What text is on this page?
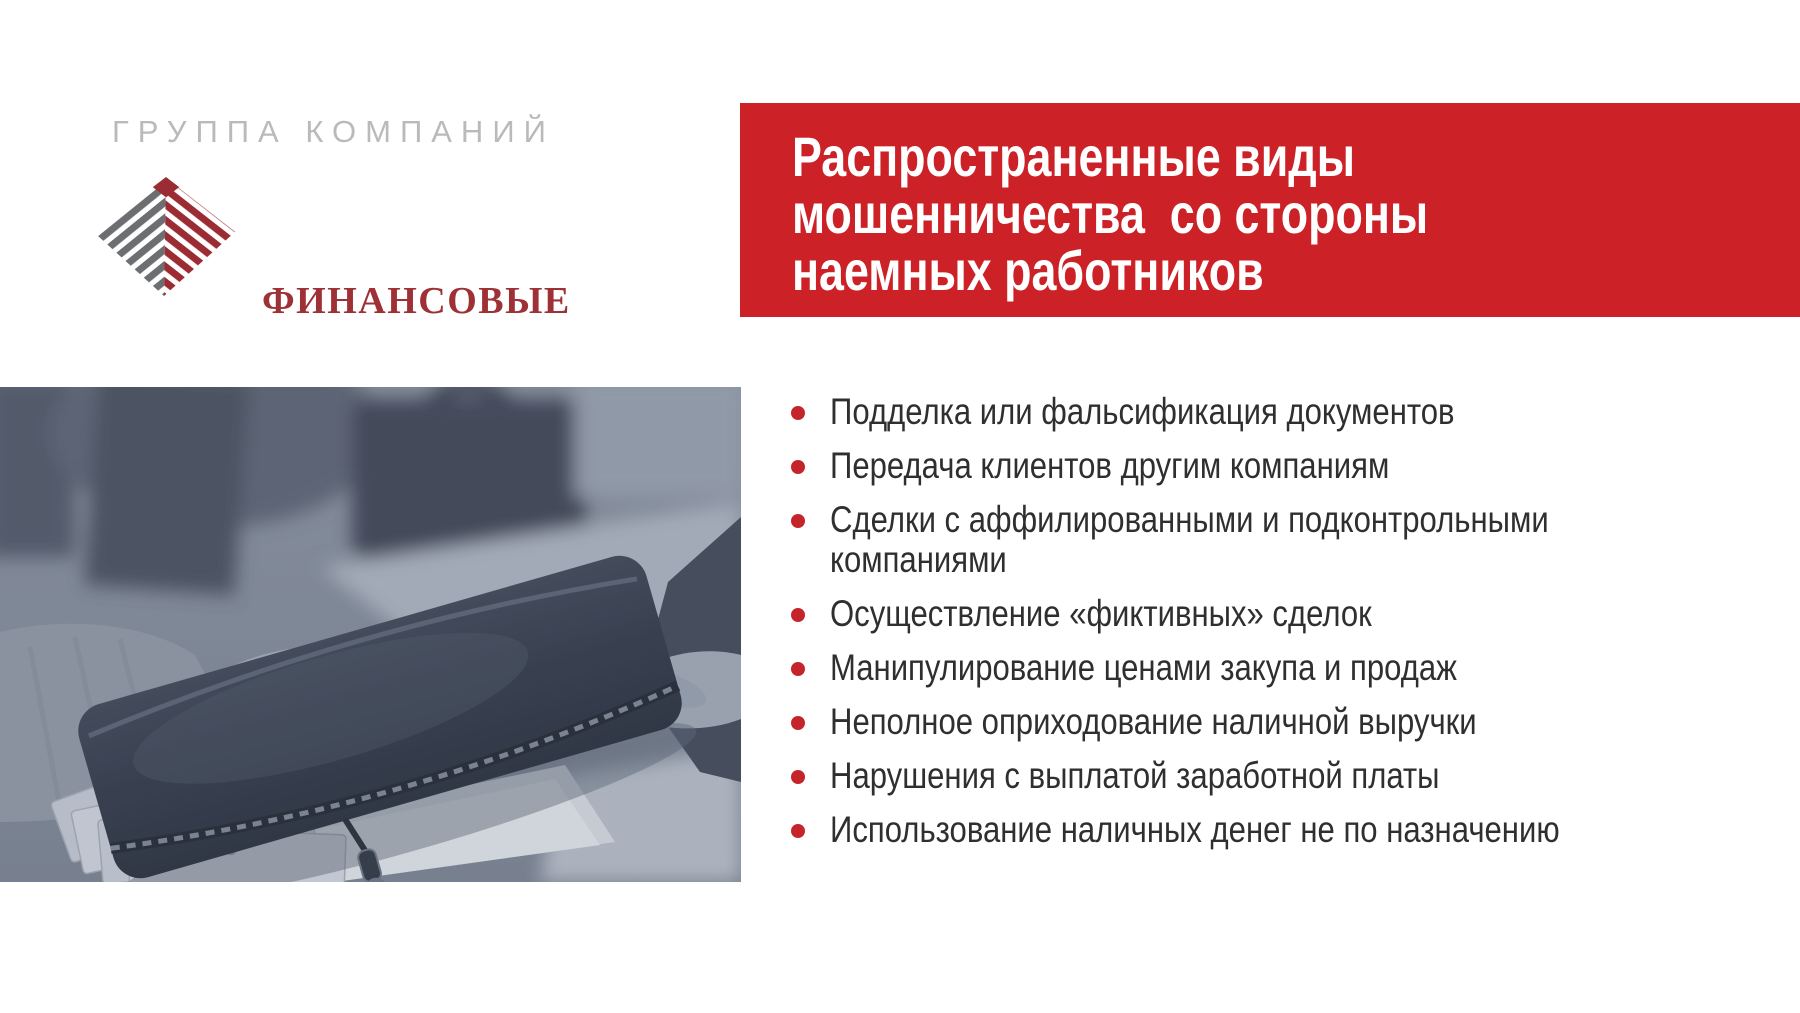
ГРУППА КОМПАНИЙ

ФИНАНСОВЫЕ

Распространенные виды
мошенничества  со стороны
наемных работников
Подделка или фальсификация документов
Передача клиентов другим компаниям
Сделки с аффилированными и подконтрольными
компаниями
Осуществление «фиктивных» сделок
Манипулирование ценами закупа и продаж
Неполное оприходование наличной выручки
Нарушения с выплатой заработной платы
Использование наличных денег не по назначению
